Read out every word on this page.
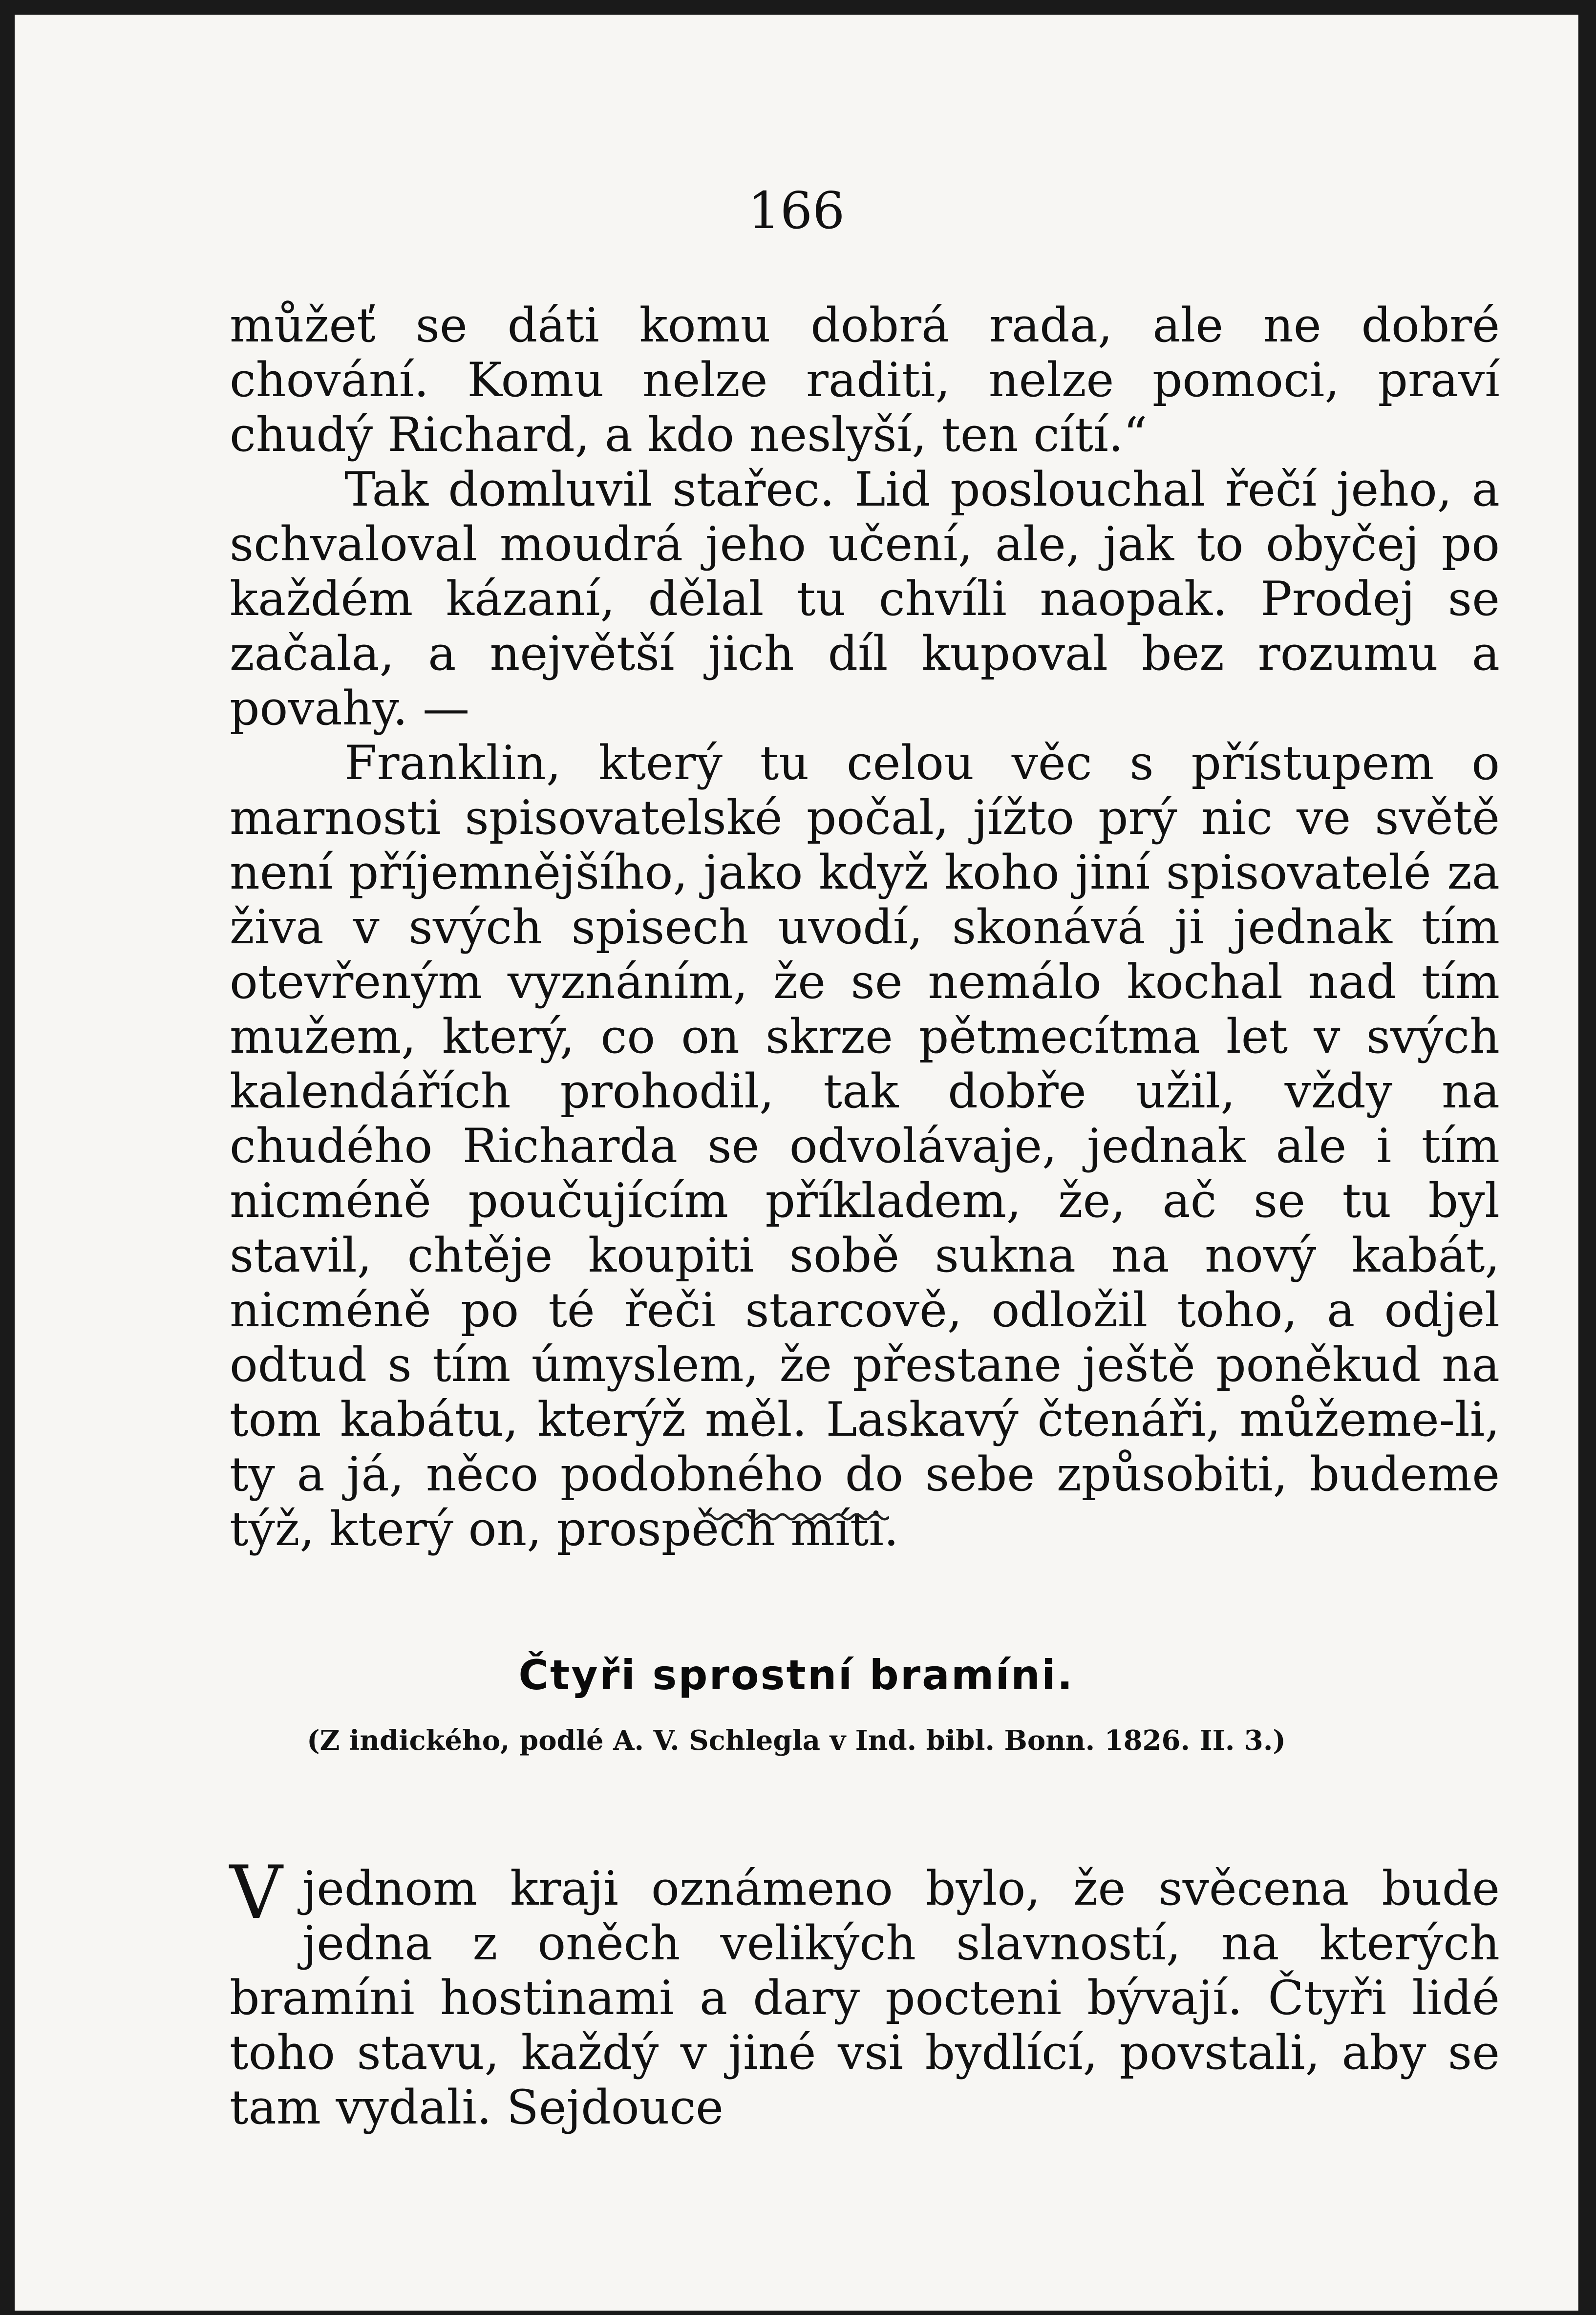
166

můžeť se dáti komu dobrá rada, ale ne dobré chování. Komu nelze raditi, nelze pomoci, praví chudý Richard, a kdo neslyší, ten cítí.“

Tak domluvil stařec. Lid poslouchal řečí jeho, a schvaloval moudrá jeho učení, ale, jak to obyčej po každém kázaní, dělal tu chvíli naopak. Prodej se začala, a největší jich díl kupoval bez rozumu a povahy. —

Franklin, který tu celou věc s přístupem o marnosti spisovatelské počal, jížto prý nic ve světě není příjemnějšího, jako když koho jiní spisovatelé za živa v svých spisech uvodí, skonává ji jednak tím otevřeným vyznáním, že se nemálo kochal nad tím mužem, který, co on skrze pětmecítma let v svých kalendářích prohodil, tak dobře užil, vždy na chudého Richarda se odvolávaje, jednak ale i tím nicméně poučujícím příkladem, že, ač se tu byl stavil, chtěje koupiti sobě sukna na nový kabát, nicméně po té řeči starcově, odložil toho, a odjel odtud s tím úmyslem, že přestane ještě poněkud na tom kabátu, kterýž měl. Laskavý čtenáři, můžeme-li, ty a já, něco podobného do sebe způsobiti, budeme týž, který on, prospěch míti.

Čtyři sprostní bramíni.
(Z indického, podlé A. V. Schlegla v Ind. bibl. Bonn. 1826. II. 3.)

Vjednom kraji oznámeno bylo, že svěcena bude jedna z oněch velikých slavností, na kterých bramíni hostinami a dary pocteni bývají. Čtyři lidé toho stavu, každý v jiné vsi bydlící, povstali, aby se tam vydali. Sejdouce
